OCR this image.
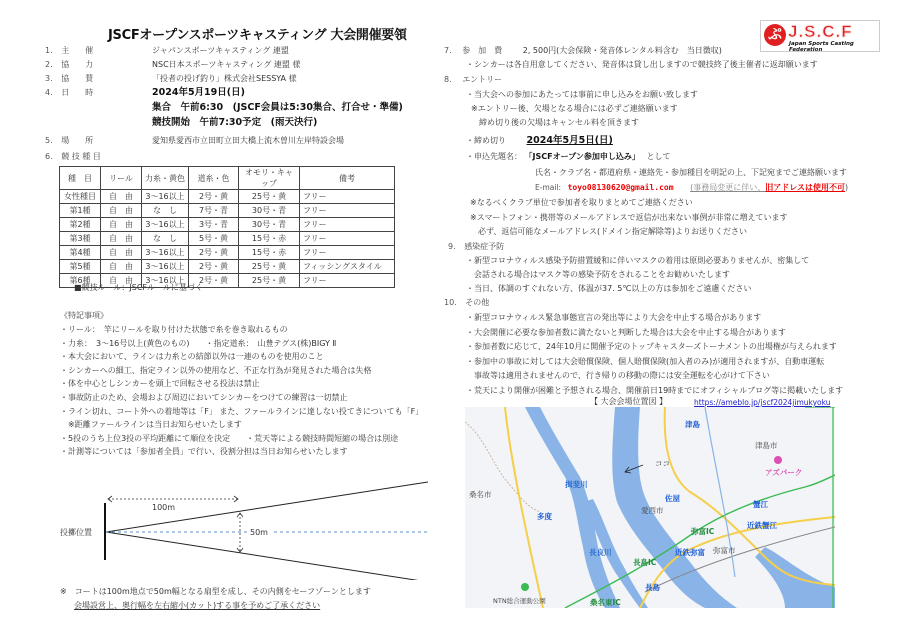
JSCFオープンスポーツキャスティング 大会開催要領	ぷ J.S.C.F
Japan Sports Casting Federation
1. 主　　催	ジャパンスポーツキャスティング 連盟
2. 協　　力	NSC日本スポーツキャスティング 連盟 様
3. 協　　賛	「投者の投げ釣り」株式会社SESSYA 様
4. 日　　時	2024年5月19日(日)
集合　午前6:30　(JSCF会員は5:30集合、打合せ・準備)
競技開始　午前7:30予定　(雨天決行)
5. 場　　所	愛知県愛西市立田町立田大橋上流木曽川左岸特設会場
6. 競 技 種 目
種　目	リール	力糸・黄色	道糸・色	オモリ・キャップ	備考
女性種目	自　由	3〜16以上	2号・黄	25号・黄	フリー
第1種	自　由	な　し	7号・青	30号・青	フリー
第2種	自　由	3〜16以上	3号・青	30号・青	フリー
第3種	自　由	な　し	5号・黄	15号・赤	フリー
第4種	自　由	3〜16以上	2号・黄	15号・赤	フリー
第5種	自　由	3〜16以上	2号・黄	25号・黄	フィッシングスタイル
第6種	自　由	3〜16以上	2号・黄	25号・黄	フリー
■競技ルール：JSCFルールに基づく
《特記事項》
・リール：　竿にリールを取り付けた状態で糸を巻き取れるもの
・力糸：　3〜16号以上(黄色のもの)　　・指定道糸：　山豊テグス(株)BIGY Ⅱ
・本大会において、ラインは力糸との結節以外は一連のものを使用のこと
・シンカーへの細工、指定ライン以外の使用など、不正な行為が発見された場合は失格
・体を中心としシンカーを頭上で回転させる投法は禁止
・事故防止のため、会場および周辺においてシンカーをつけての練習は一切禁止
・ライン切れ、コート外への着地等は「F」 また、ファールラインに達しない投てきについても「F」
　※距離ファールラインは当日お知らせいたします
・5投のうち上位3投の平均距離にて順位を決定　　・荒天等による競技時間短縮の場合は別途
・計測等については「参加者全員」で行い、役割分担は当日お知らせいたします
50m
100m
投擲位置
※　コートは100m地点で50m幅となる扇型を成し、その内側をセーフゾーンとします
会場設営上、奥行幅を左右縮小(カット)する事を予めご了承ください
7. 参　加　費	2, 500円(大会保険・発音体レンタル料含む　当日徴収)
・シンカーは各自用意してください、発音体は貸し出しますので競技終了後主催者に返却願います
8. エントリー
・当大会への参加にあたっては事前に申し込みをお願い致します
※エントリー後、欠場となる場合には必ずご連絡願います
締め切り後の欠場はキャンセル料を頂きます
・締め切り 2024年5月5日(日)
・申込先題名： 「JSCFオープン参加申し込み」 として
氏名・クラブ名・都道府県・連絡先・参加種目を明記の上、下記宛までご連絡願います
E-mail: toyo08130620@gmail.com (事務局変更に伴い、旧アドレスは使用不可)
※なるべくクラブ単位で参加者を取りまとめてご連絡ください
※スマートフォン・携帯等のメールアドレスで返信が出来ない事例が非常に増えています
　必ず、返信可能なメールアドレス(ドメイン指定解除等)よりお送りください
9. 感染症予防
・新型コロナウィルス感染予防措置緩和に伴いマスクの着用は原則必要ありませんが、密集して
　会話される場合はマスク等の感染予防をされることをお勧めいたします
・当日、体調のすぐれない方、体温が37. 5℃以上の方は参加をご遠慮ください
10. その他
・新型コロナウィルス緊急事態宣言の発出等により大会を中止する場合があります
・大会開催に必要な参加者数に満たないと判断した場合は大会を中止する場合があります
・参加者数に応じて、24年10月に開催予定のトップキャスターズトーナメントの出場権が与えられます
・参加中の事故に対しては大会賠償保険、個人賠償保険(加入者のみ)が適用されますが、自動車運転
　事故等は適用されませんので、行き帰りの移動の際には安全運転を心がけて下さい
・荒天により開催が困難と予想される場合、開催前日19時までにオフィシャルブログ等に掲載いたします
【 大会会場位置図 】	https://ameblo.jp/jscf2024jimukyoku
ココ
揖斐川
長良川
桑名市
愛西市
津島市
弥富市
多度
佐屋
津島
蟹江
近鉄蟹江
近鉄弥富
長島
長島IC
弥富IC
桑名東IC
アズパーク
NTN総合運動公園
